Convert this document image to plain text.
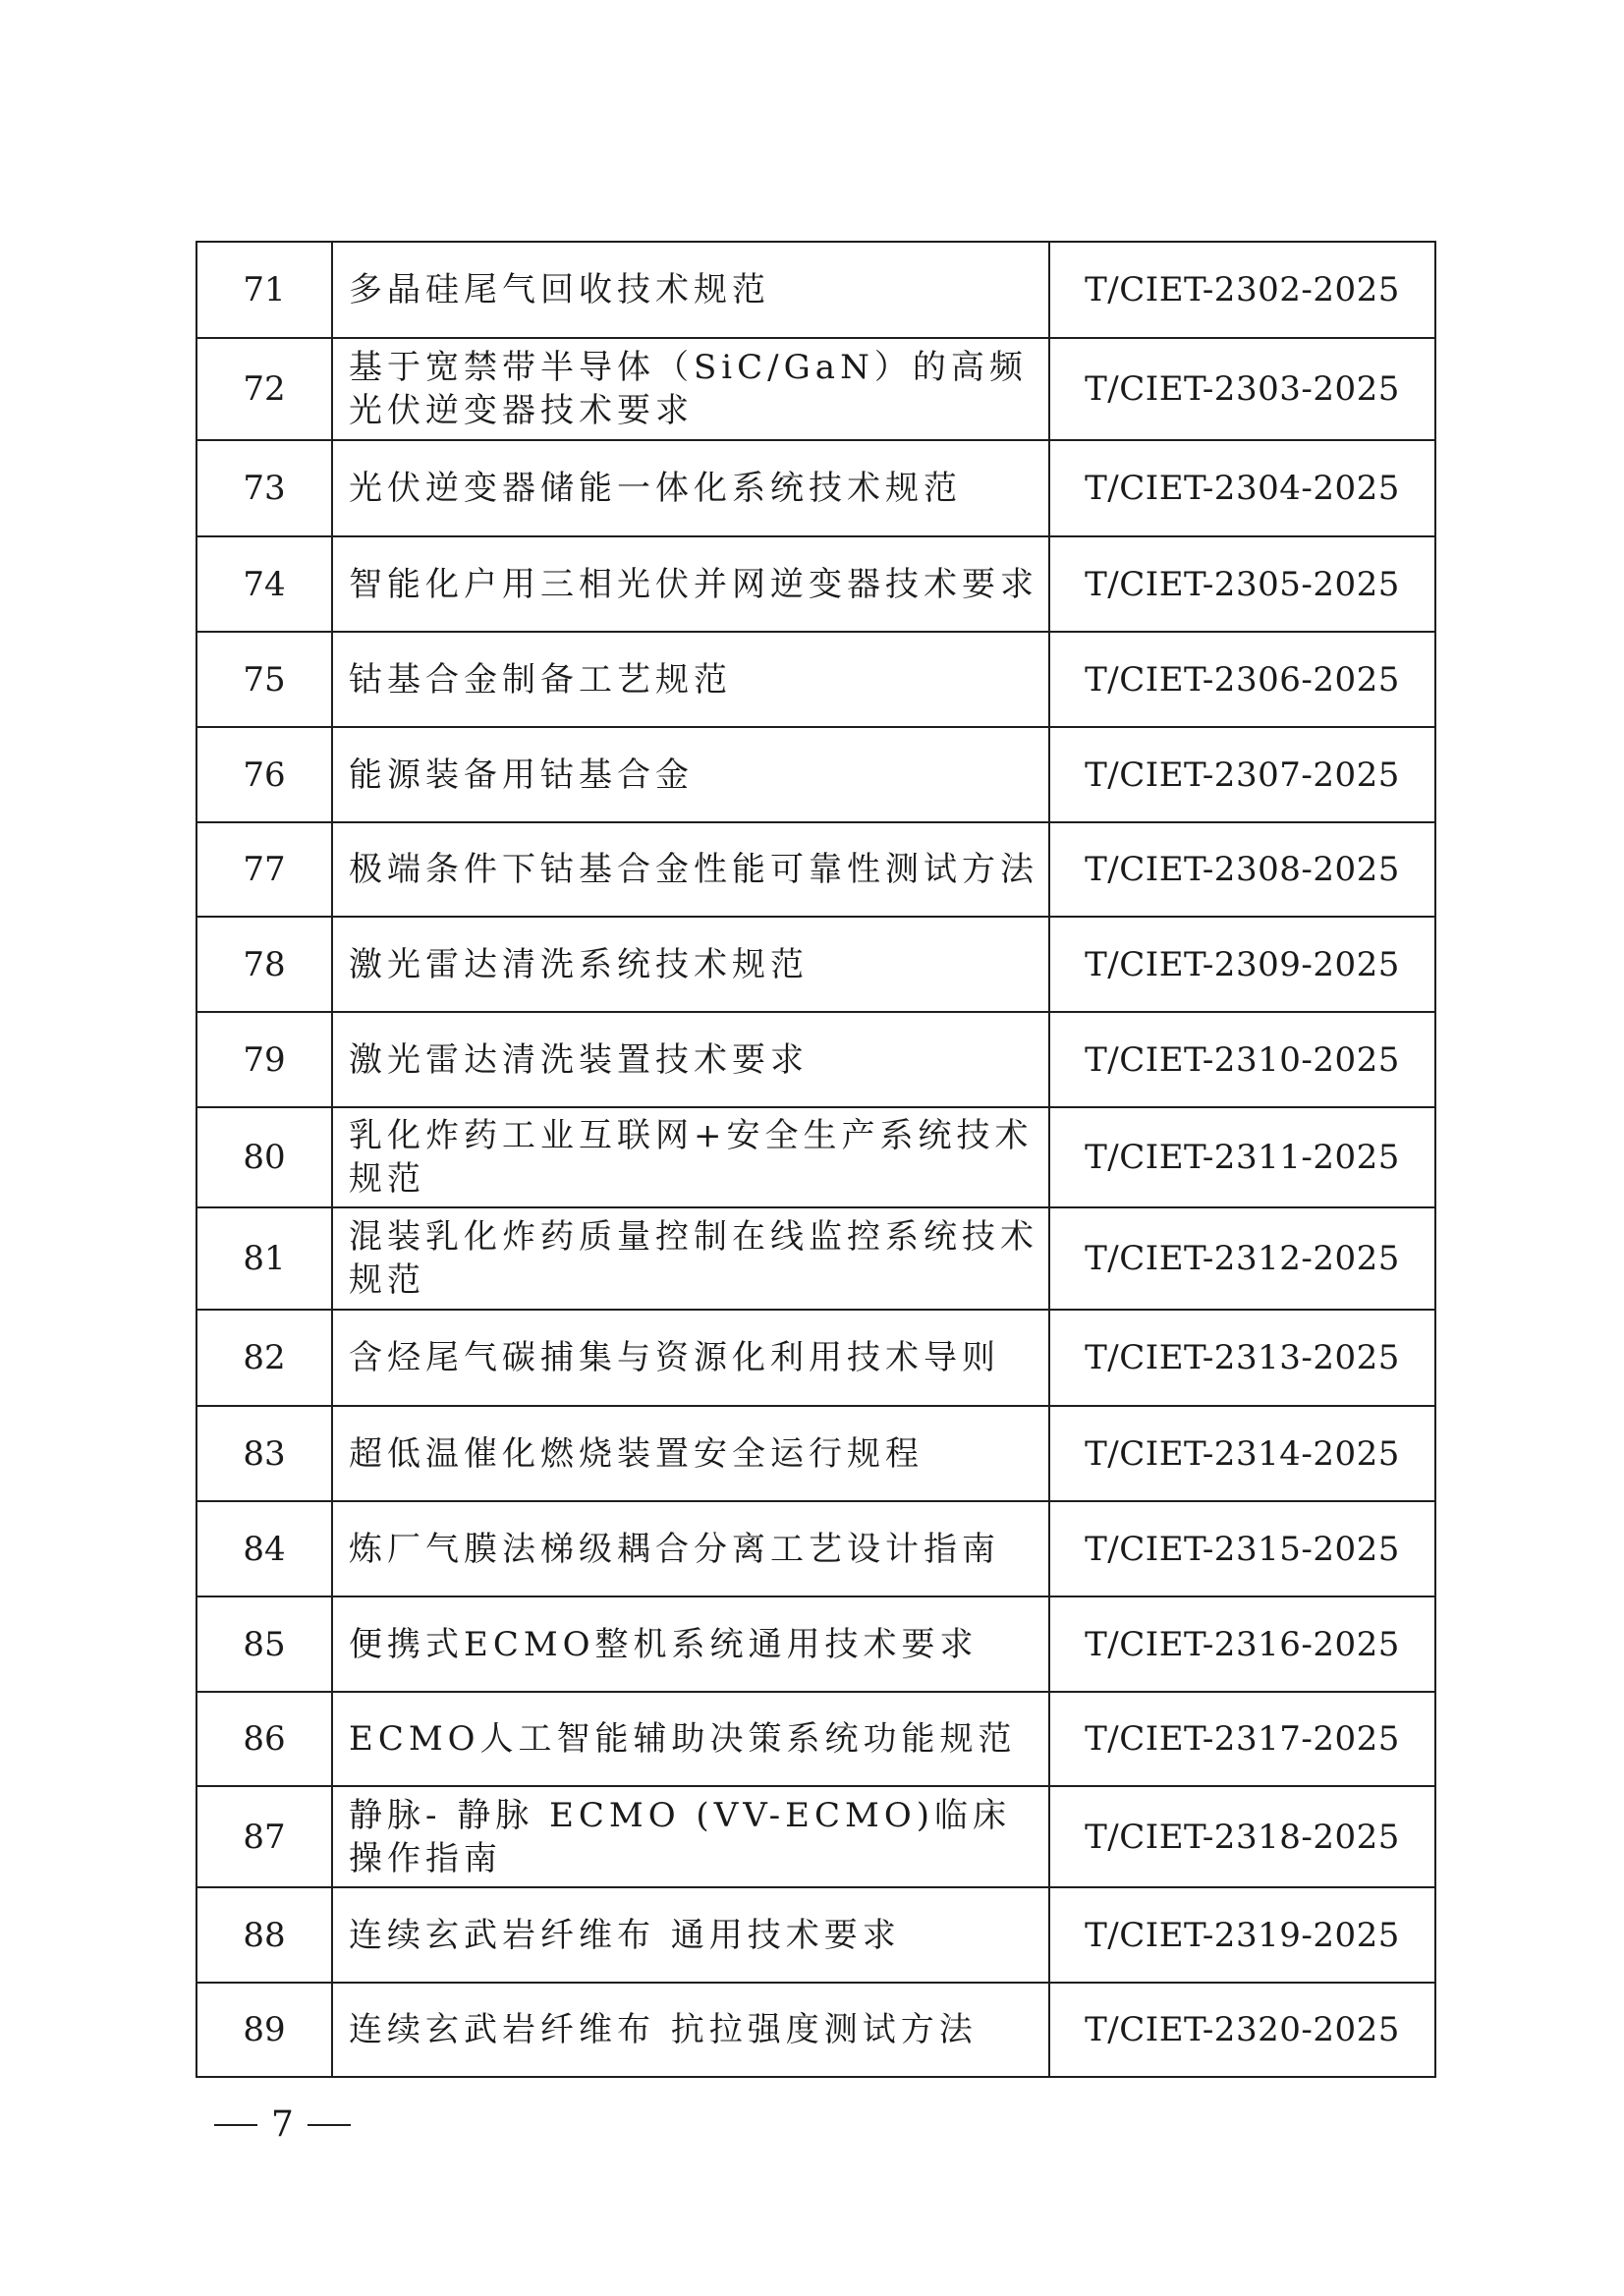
71	多晶硅尾气回收技术规范	T/CIET-2302-2025
72	基于宽禁带半导体（SiC/GaN）的高频光伏逆变器技术要求	T/CIET-2303-2025
73	光伏逆变器储能一体化系统技术规范	T/CIET-2304-2025
74	智能化户用三相光伏并网逆变器技术要求	T/CIET-2305-2025
75	钴基合金制备工艺规范	T/CIET-2306-2025
76	能源装备用钴基合金	T/CIET-2307-2025
77	极端条件下钴基合金性能可靠性测试方法	T/CIET-2308-2025
78	激光雷达清洗系统技术规范	T/CIET-2309-2025
79	激光雷达清洗装置技术要求	T/CIET-2310-2025
80	乳化炸药工业互联网+安全生产系统技术规范	T/CIET-2311-2025
81	混装乳化炸药质量控制在线监控系统技术规范	T/CIET-2312-2025
82	含烃尾气碳捕集与资源化利用技术导则	T/CIET-2313-2025
83	超低温催化燃烧装置安全运行规程	T/CIET-2314-2025
84	炼厂气膜法梯级耦合分离工艺设计指南	T/CIET-2315-2025
85	便携式ECMO整机系统通用技术要求	T/CIET-2316-2025
86	ECMO人工智能辅助决策系统功能规范	T/CIET-2317-2025
87	静脉- 静脉 ECMO (VV-ECMO)临床操作指南	T/CIET-2318-2025
88	连续玄武岩纤维布 通用技术要求	T/CIET-2319-2025
89	连续玄武岩纤维布 抗拉强度测试方法	T/CIET-2320-2025
7
